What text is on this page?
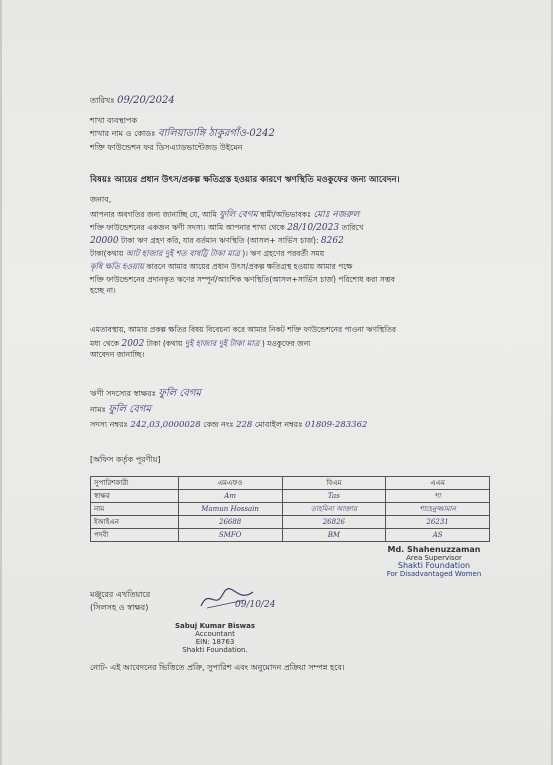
তারিখঃ 09/20/2024
শাখা ব্যবস্থাপক
শাখার নাম ও কোডঃ বালিয়াডাঙ্গি ঠাকুরগাঁও-0242
শক্তি ফাউন্ডেশন ফর ডিসএ্যাডভান্টেজড উইমেন
বিষয়ঃ আয়ের প্রধান উৎস/প্রকল্প ক্ষতিগ্রস্ত হওয়ার কারণে ঋণস্থিতি মওকুফের জন্য আবেদন।
জনাব,
আপনার অবগতির জন্য জানাচ্ছি যে, আমি ফুলি বেগম স্বামী/অভিভাবকঃ মোঃ নজরুল
শক্তি ফাউন্ডেশনের একজন ঋণী সদস্য। আমি আপনার শাখা থেকে 28/10/2023 তারিখে
20000 টাকা ঋণ গ্রহণ করি, যার বর্তমান ঋণস্থিতি (আসল+ সার্ভিস চার্জ): 8262
টাকা(কথায় আট হাজার দুই শত বাষট্টি টাকা মাত্র )। ঋণ গ্রহণের পরবর্তী সময়
কৃষি ক্ষতি হওয়ায় কারনে আমার আয়ের প্রধান উৎস/প্রকল্প ক্ষতিগ্রস্থ হওয়ায় আমার পক্ষে
শক্তি ফাউন্ডেশনের প্রদানকৃত ঋণের সম্পূর্ন/আংশিক ঋণস্থিতি(আসল+সার্ভিস চার্জ) পরিশোধ করা সম্ভব
হচ্ছে না।
এমতাবস্থায়, আমার প্রকল্প ক্ষতির বিষয় বিবেচনা করে আমার নিকট শক্তি ফাউন্ডেশনের পাওনা ঋণস্থিতির
মধ্য থেকে 2002 টাকা (কথায় দুই হাজার দুই টাকা মাত্র ) মওকুফের জন্য
আবেদন জানাচ্ছি।
ঋণী সদস্যের স্বাক্ষরঃ ফুলি বেগম
নামঃ ফুলি বেগম
সদস্য নম্বরঃ 242,03,0000028 কেন্দ্র নংঃ 228 মোবাইল নম্বরঃ 01809-283362
[অফিস কর্তৃক পূরণীয়]
সুপারিশকারী	এমএফও	বিএম	এএম
স্বাক্ষর	Am	Tas	শা
নাম	Mamun Hossain	তাহমিনা আক্তার	শাহেনুজ্জামান
ইআইএন	26688	26826	26231
পদবী	SMFO	BM	AS
Md. Shahenuzzaman
Area Supervisor
Shakti Foundation
For Disadvantaged Women
মঞ্জুরের এখতিয়ারে
(সিলসহ ও স্বাক্ষর)	09/10/24
Sabuj Kumar Biswas
Accountant
EIN: 18763
Shakti Foundation.
নোট- এই আবেদনের ভিত্তিতে প্রক্রি, সুপারিশ এবং অনুমোদন প্রক্রিয়া সম্পন্ন হবে।
